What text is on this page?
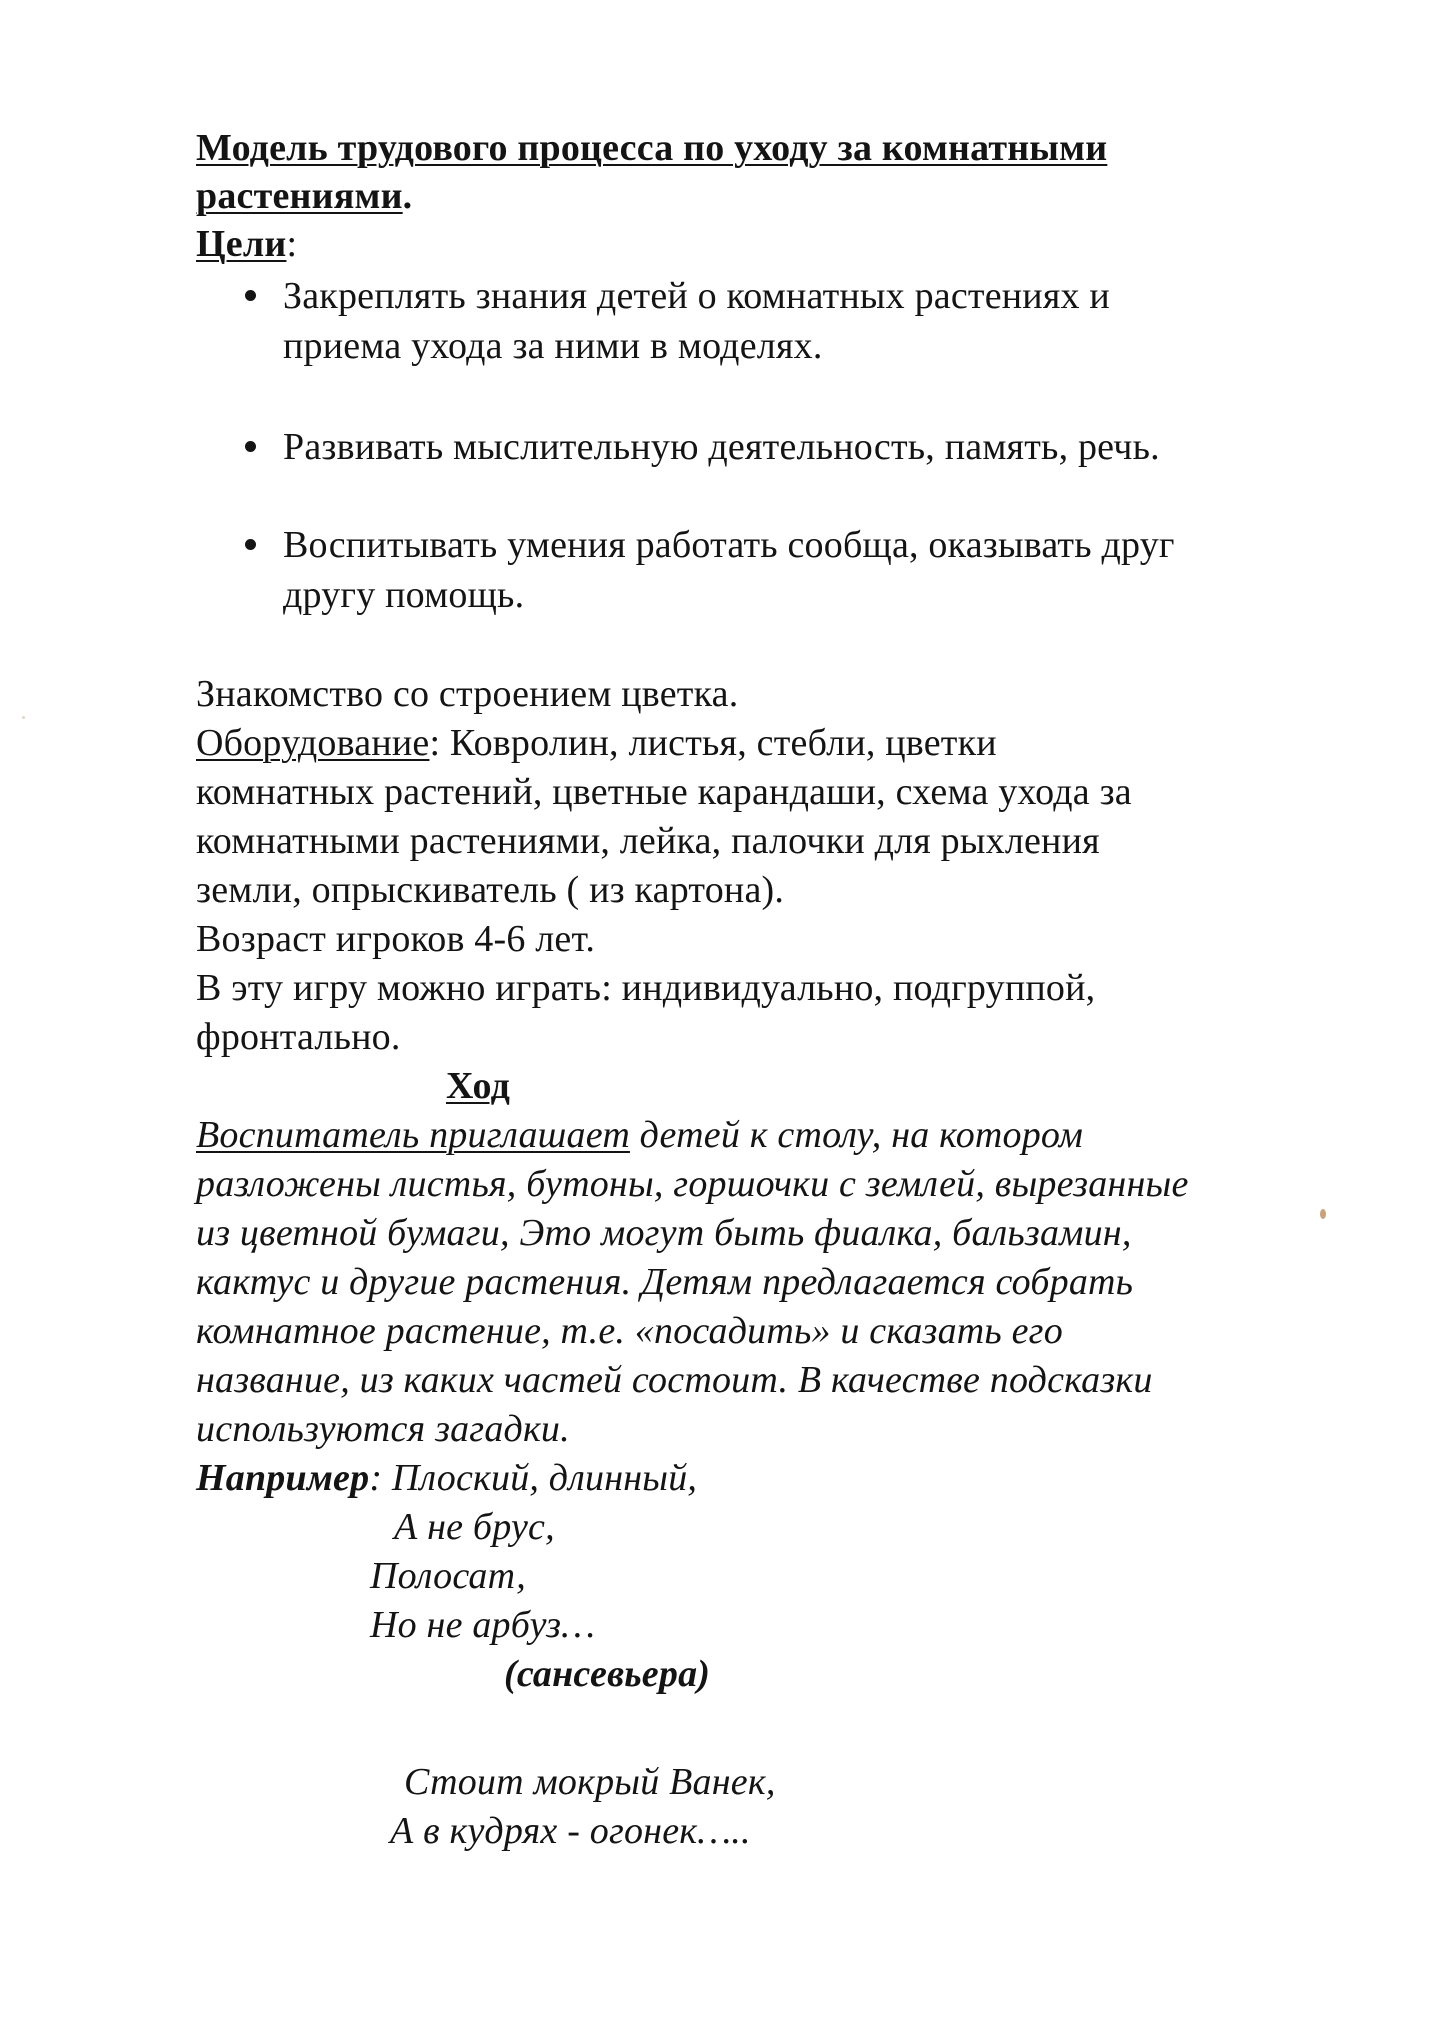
Модель трудового процесса по уходу за комнатными
растениями.
Цели:
Закреплять знания детей о комнатных растениях и
приема ухода за ними в моделях.
Развивать мыслительную деятельность, память, речь.
Воспитывать умения работать сообща, оказывать друг
другу помощь.
Знакомство со строением цветка.
Оборудование: Ковролин, листья, стебли, цветки
комнатных растений, цветные карандаши, схема ухода за
комнатными растениями, лейка, палочки для рыхления
земли, опрыскиватель ( из картона).
Возраст игроков 4-6 лет.
В эту игру можно играть: индивидуально, подгруппой,
фронтально.
Ход
Воспитатель приглашает детей к столу, на котором
разложены листья, бутоны, горшочки с землей, вырезанные
из цветной бумаги, Это могут быть фиалка, бальзамин,
кактус и другие растения. Детям предлагается собрать
комнатное растение, т.е. «посадить» и сказать его
название, из каких частей состоит. В качестве подсказки
используются загадки.
Например: Плоский, длинный,
А не брус,
Полосат,
Но не арбуз…
(сансевьера)
Стоит мокрый Ванек,
А в кудрях - огонек…..
